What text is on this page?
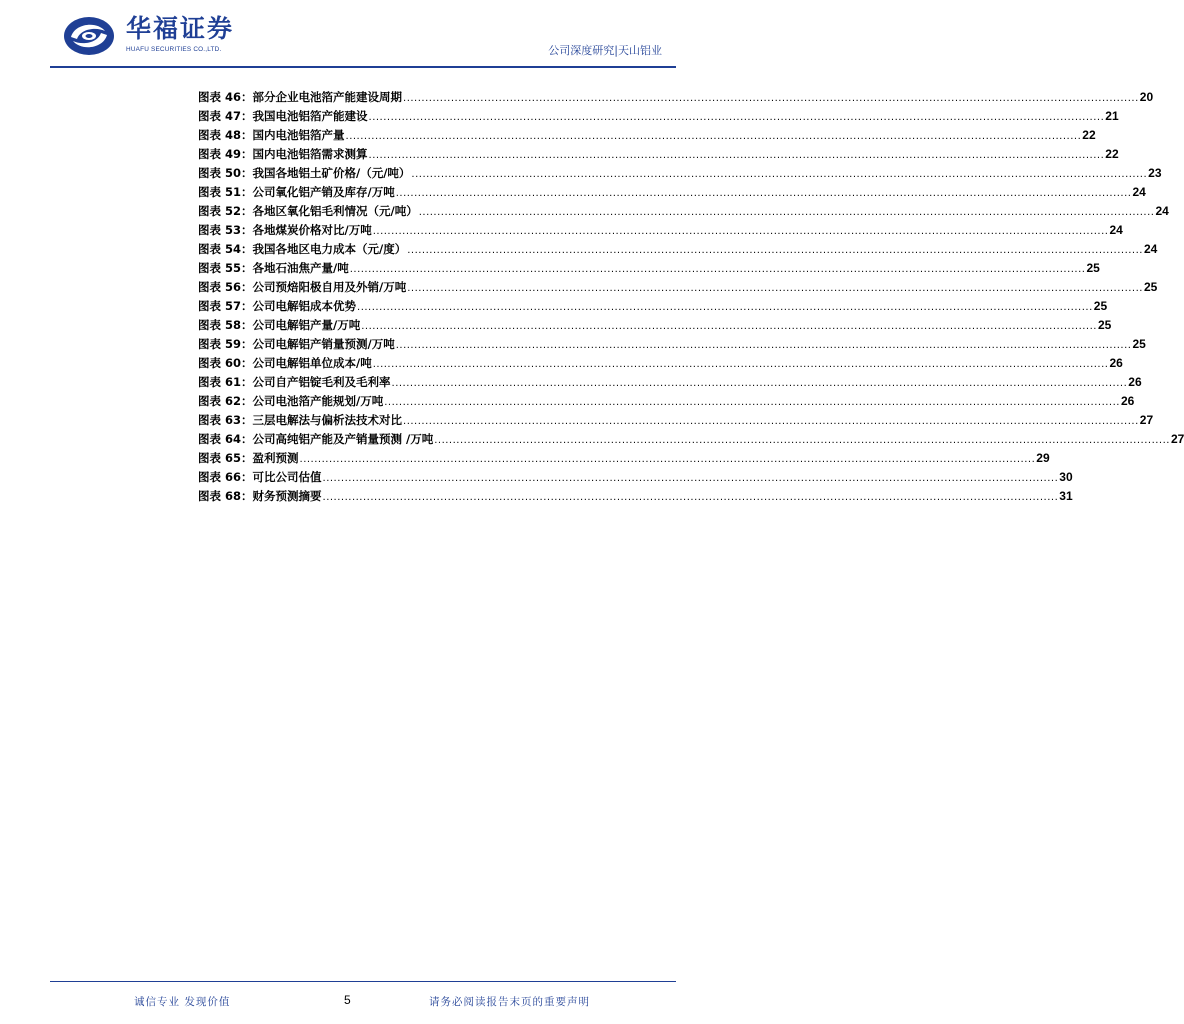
华福证券
HUAFU SECURITIES CO.,LTD.	公司深度研究|天山铝业
图表 46：部分企业电池箔产能建设周期 ........................................................................................................................................................................................................ 20
图表 47：我国电池铝箔产能建设 ........................................................................................................................................................................................................ 21
图表 48：国内电池铝箔产量 ........................................................................................................................................................................................................ 22
图表 49：国内电池铝箔需求测算 ........................................................................................................................................................................................................ 22
图表 50：我国各地铝土矿价格/（元/吨） ........................................................................................................................................................................................................ 23
图表 51：公司氧化铝产销及库存/万吨 ........................................................................................................................................................................................................ 24
图表 52：各地区氧化铝毛利情况（元/吨） ........................................................................................................................................................................................................ 24
图表 53：各地煤炭价格对比/万吨 ........................................................................................................................................................................................................ 24
图表 54：我国各地区电力成本（元/度） ........................................................................................................................................................................................................ 24
图表 55：各地石油焦产量/吨 ........................................................................................................................................................................................................ 25
图表 56：公司预焙阳极自用及外销/万吨 ........................................................................................................................................................................................................ 25
图表 57：公司电解铝成本优势 ........................................................................................................................................................................................................ 25
图表 58：公司电解铝产量/万吨 ........................................................................................................................................................................................................ 25
图表 59：公司电解铝产销量预测/万吨 ........................................................................................................................................................................................................ 25
图表 60：公司电解铝单位成本/吨 ........................................................................................................................................................................................................ 26
图表 61：公司自产铝锭毛利及毛利率 ........................................................................................................................................................................................................ 26
图表 62：公司电池箔产能规划/万吨 ........................................................................................................................................................................................................ 26
图表 63：三层电解法与偏析法技术对比 ........................................................................................................................................................................................................ 27
图表 64：公司高纯铝产能及产销量预测 /万吨 ........................................................................................................................................................................................................ 27
图表 65：盈利预测 ........................................................................................................................................................................................................ 29
图表 66：可比公司估值 ........................................................................................................................................................................................................ 30
图表 68：财务预测摘要 ........................................................................................................................................................................................................ 31
诚信专业 发现价值	5	请务必阅读报告末页的重要声明
